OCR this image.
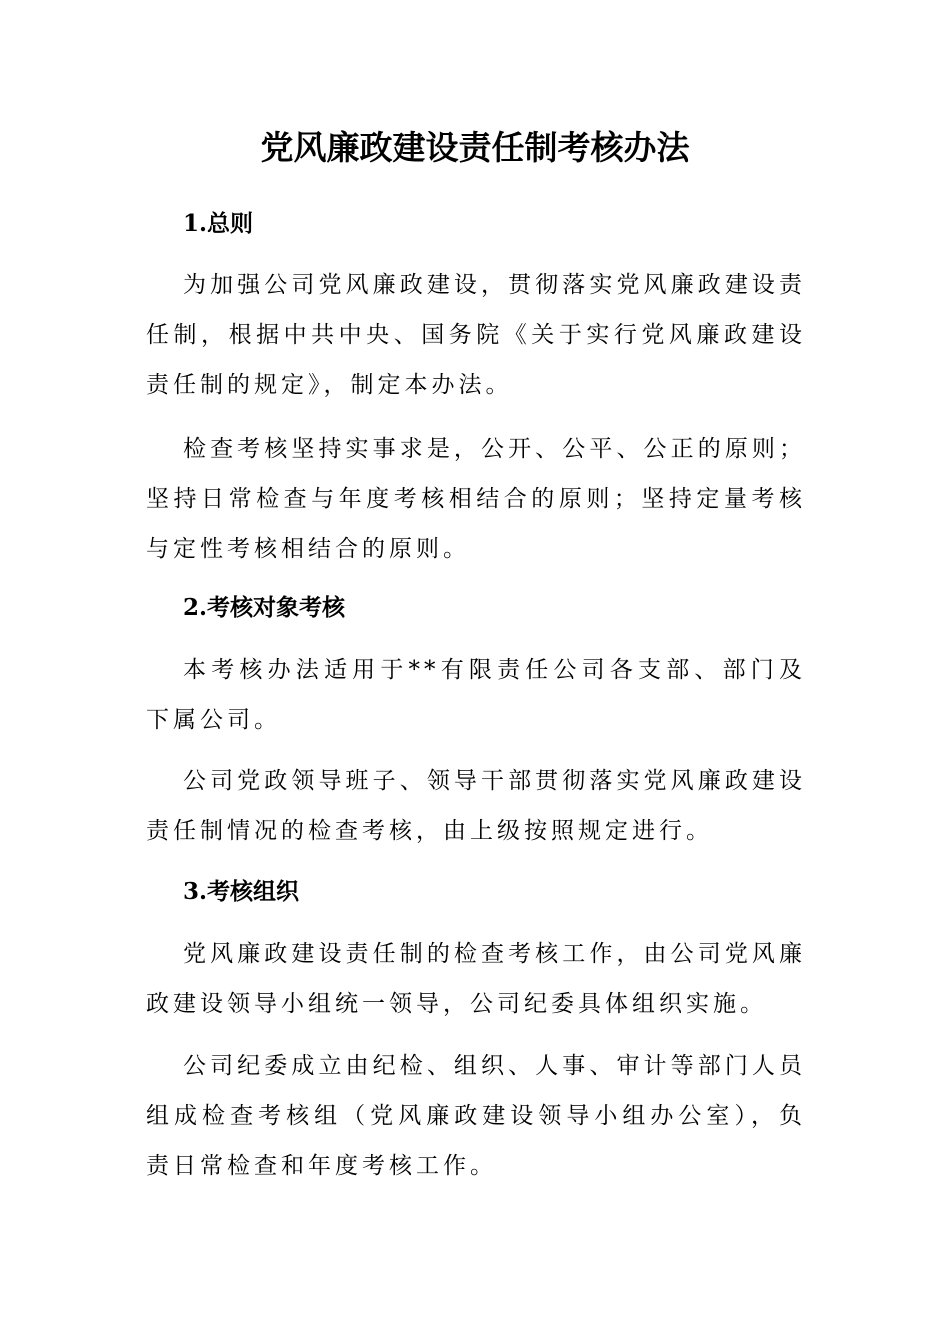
党风廉政建设责任制考核办法
1.总则

为加强公司党风廉政建设，贯彻落实党风廉政建设责任制，根据中共中央、国务院《关于实行党风廉政建设责任制的规定》，制定本办法。

检查考核坚持实事求是，公开、公平、公正的原则；坚持日常检查与年度考核相结合的原则；坚持定量考核与定性考核相结合的原则。

2.考核对象考核

本考核办法适用于**有限责任公司各支部、部门及下属公司。

公司党政领导班子、领导干部贯彻落实党风廉政建设责任制情况的检查考核，由上级按照规定进行。

3.考核组织

党风廉政建设责任制的检查考核工作，由公司党风廉政建设领导小组统一领导，公司纪委具体组织实施。

公司纪委成立由纪检、组织、人事、审计等部门人员组成检查考核组（党风廉政建设领导小组办公室），负责日常检查和年度考核工作。
